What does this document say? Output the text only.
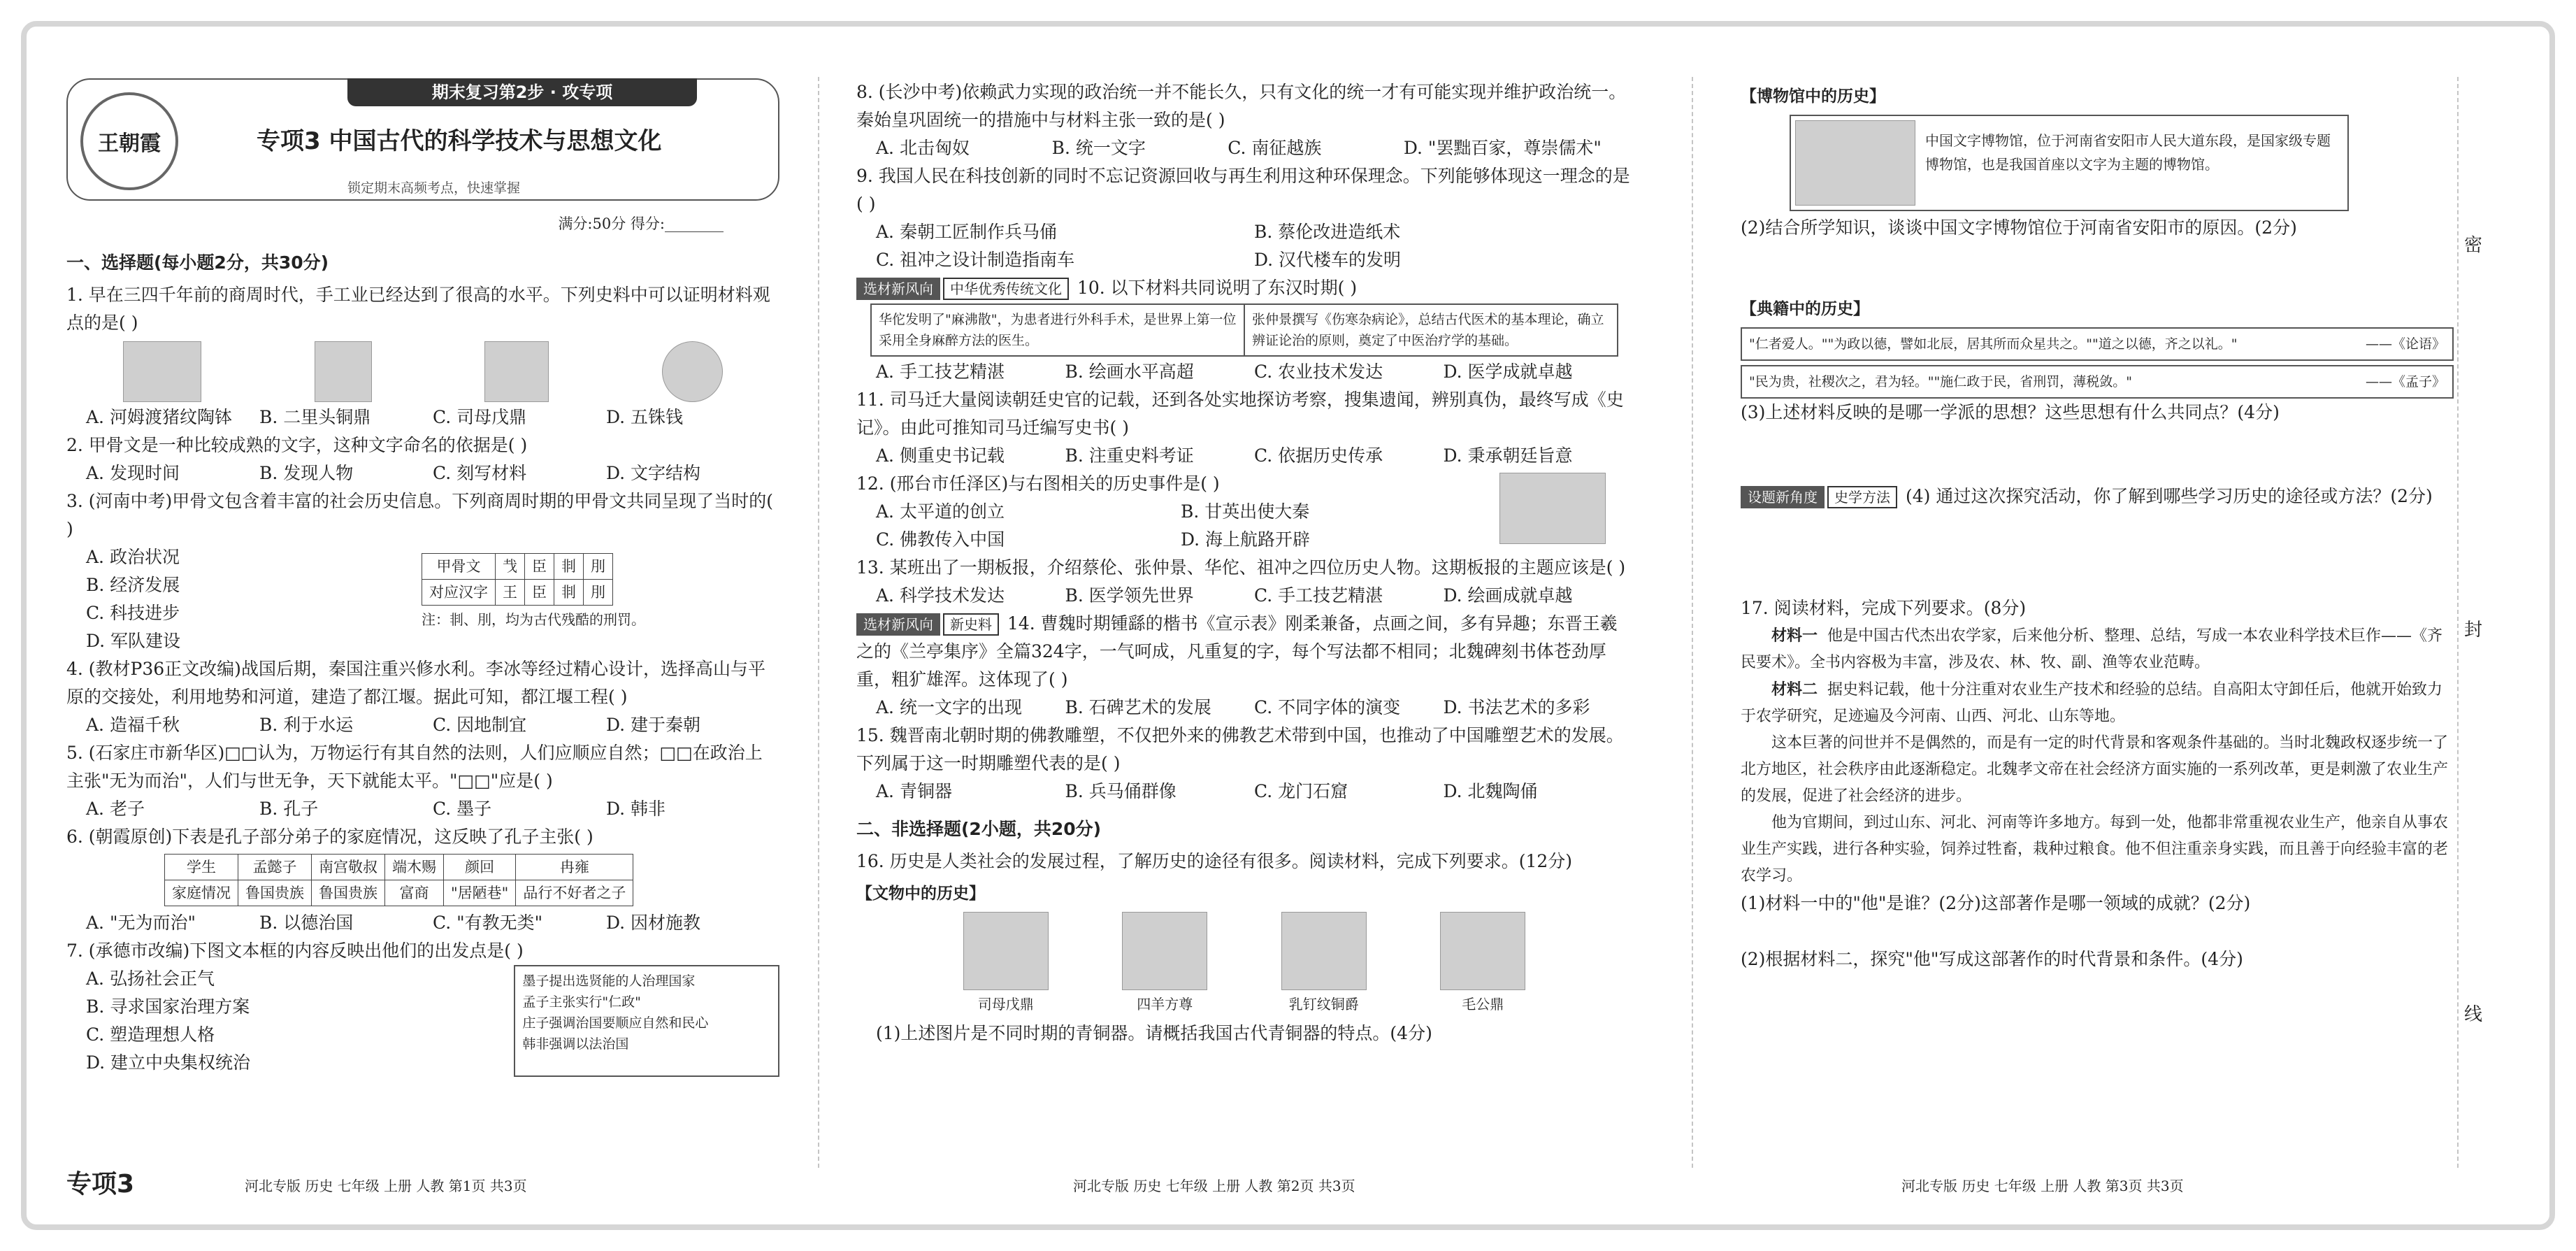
期末复习第2步 · 攻专项
王朝霞	专项3 中国古代的科学技术与思想文化
锁定期末高频考点，快速掌握
满分:50分 得分:________
一、选择题(每小题2分，共30分)

1. 早在三四千年前的商周时代，手工业已经达到了很高的水平。下列史料中可以证明材料观点的是( )

A. 河姆渡猪纹陶钵	B. 二里头铜鼎	C. 司母戊鼎	D. 五铢钱

2. 甲骨文是一种比较成熟的文字，这种文字命名的依据是( )

A. 发现时间	B. 发现人物	C. 刻写材料	D. 文字结构

3. (河南中考)甲骨文包含着丰富的社会历史信息。下列商周时期的甲骨文共同呈现了当时的( )

A. 政治状况
B. 经济发展
C. 科技进步
D. 军队建设
甲骨文	𢦏	臣	剕	刖
对应汉字	王	臣	剕	刖
注：剕、刖，均为古代残酷的刑罚。

4. (教材P36正文改编)战国后期，秦国注重兴修水利。李冰等经过精心设计，选择高山与平原的交接处，利用地势和河道，建造了都江堰。据此可知，都江堰工程( )

A. 造福千秋	B. 利于水运	C. 因地制宜	D. 建于秦朝

5. (石家庄市新华区)□□认为，万物运行有其自然的法则，人们应顺应自然；□□在政治上主张"无为而治"，人们与世无争，天下就能太平。"□□"应是( )

A. 老子	B. 孔子	C. 墨子	D. 韩非

6. (朝霞原创)下表是孔子部分弟子的家庭情况，这反映了孔子主张( )

学生	孟懿子	南宫敬叔	端木赐	颜回	冉雍
家庭情况	鲁国贵族	鲁国贵族	富商	"居陋巷"	品行不好者之子
A. "无为而治"	B. 以德治国	C. "有教无类"	D. 因材施教

7. (承德市改编)下图文本框的内容反映出他们的出发点是( )

A. 弘扬社会正气
B. 寻求国家治理方案
C. 塑造理想人格
D. 建立中央集权统治
墨子提出选贤能的人治理国家
孟子主张实行"仁政"
庄子强调治国要顺应自然和民心
韩非强调以法治国

8. (长沙中考)依赖武力实现的政治统一并不能长久，只有文化的统一才有可能实现并维护政治统一。秦始皇巩固统一的措施中与材料主张一致的是( )

A. 北击匈奴	B. 统一文字	C. 南征越族	D. "罢黜百家，尊崇儒术"

9. 我国人民在科技创新的同时不忘记资源回收与再生利用这种环保理念。下列能够体现这一理念的是( )

A. 秦朝工匠制作兵马俑	B. 蔡伦改进造纸术
C. 祖冲之设计制造指南车	D. 汉代楼车的发明

选材新风向 中华优秀传统文化 10. 以下材料共同说明了东汉时期( )

华佗发明了"麻沸散"，为患者进行外科手术，是世界上第一位采用全身麻醉方法的医生。
张仲景撰写《伤寒杂病论》，总结古代医术的基本理论，确立辨证论治的原则，奠定了中医治疗学的基础。
A. 手工技艺精湛	B. 绘画水平高超	C. 农业技术发达	D. 医学成就卓越

11. 司马迁大量阅读朝廷史官的记载，还到各处实地探访考察，搜集遗闻，辨别真伪，最终写成《史记》。由此可推知司马迁编写史书( )

A. 侧重史书记载	B. 注重史料考证	C. 依据历史传承	D. 秉承朝廷旨意

12. (邢台市任泽区)与右图相关的历史事件是( )

A. 太平道的创立	B. 甘英出使大秦
C. 佛教传入中国	D. 海上航路开辟

13. 某班出了一期板报，介绍蔡伦、张仲景、华佗、祖冲之四位历史人物。这期板报的主题应该是( )

A. 科学技术发达	B. 医学领先世界	C. 手工技艺精湛	D. 绘画成就卓越

选材新风向 新史料 14. 曹魏时期锺繇的楷书《宣示表》刚柔兼备，点画之间，多有异趣；东晋王羲之的《兰亭集序》全篇324字，一气呵成，凡重复的字，每个写法都不相同；北魏碑刻书体苍劲厚重，粗犷雄浑。这体现了( )

A. 统一文字的出现	B. 石碑艺术的发展	C. 不同字体的演变	D. 书法艺术的多彩

15. 魏晋南北朝时期的佛教雕塑，不仅把外来的佛教艺术带到中国，也推动了中国雕塑艺术的发展。下列属于这一时期雕塑代表的是( )

A. 青铜器	B. 兵马俑群像	C. 龙门石窟	D. 北魏陶俑
二、非选择题(2小题，共20分)

16. 历史是人类社会的发展过程，了解历史的途径有很多。阅读材料，完成下列要求。(12分)

【文物中的历史】
司母戊鼎	四羊方尊	乳钉纹铜爵	毛公鼎

(1)上述图片是不同时期的青铜器。请概括我国古代青铜器的特点。(4分)

【博物馆中的历史】
中国文字博物馆，位于河南省安阳市人民大道东段，是国家级专题博物馆，也是我国首座以文字为主题的博物馆。

(2)结合所学知识，谈谈中国文字博物馆位于河南省安阳市的原因。(2分)

【典籍中的历史】
"仁者爱人。""为政以德，譬如北辰，居其所而众星共之。""道之以德，齐之以礼。"	——《论语》
"民为贵，社稷次之，君为轻。""施仁政于民，省刑罚，薄税敛。"	——《孟子》

(3)上述材料反映的是哪一学派的思想？这些思想有什么共同点？(4分)

设题新角度 史学方法 (4) 通过这次探究活动，你了解到哪些学习历史的途径或方法？(2分)

17. 阅读材料，完成下列要求。(8分)

材料一 他是中国古代杰出农学家，后来他分析、整理、总结，写成一本农业科学技术巨作——《齐民要术》。全书内容极为丰富，涉及农、林、牧、副、渔等农业范畴。

材料二 据史料记载，他十分注重对农业生产技术和经验的总结。自高阳太守卸任后，他就开始致力于农学研究，足迹遍及今河南、山西、河北、山东等地。

这本巨著的问世并不是偶然的，而是有一定的时代背景和客观条件基础的。当时北魏政权逐步统一了北方地区，社会秩序由此逐渐稳定。北魏孝文帝在社会经济方面实施的一系列改革，更是刺激了农业生产的发展，促进了社会经济的进步。

他为官期间，到过山东、河北、河南等许多地方。每到一处，他都非常重视农业生产，他亲自从事农业生产实践，进行各种实验，饲养过牲畜，栽种过粮食。他不但注重亲身实践，而且善于向经验丰富的老农学习。

(1)材料一中的"他"是谁？(2分)这部著作是哪一领域的成就？(2分)

(2)根据材料二，探究"他"写成这部著作的时代背景和条件。(4分)

密
封
线
专项3	河北专版 历史 七年级 上册 人教 第1页 共3页	河北专版 历史 七年级 上册 人教 第2页 共3页	河北专版 历史 七年级 上册 人教 第3页 共3页
